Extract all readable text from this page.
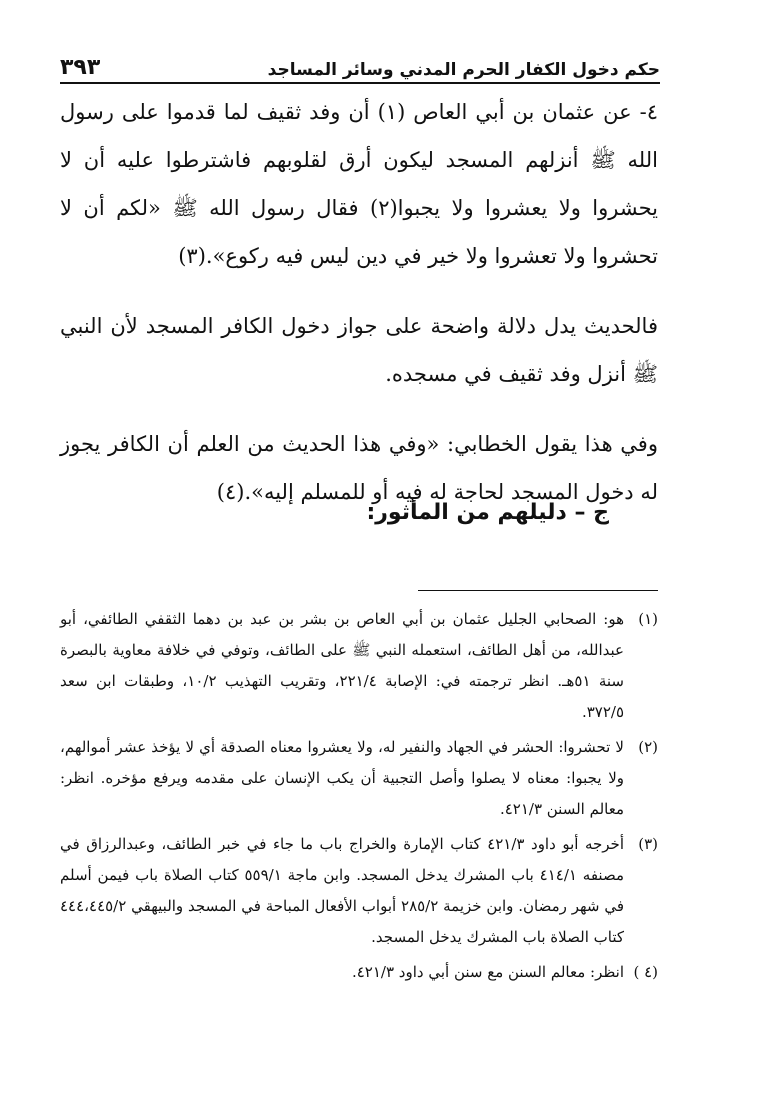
حكم دخول الكفار الحرم المدني وسائر المساجد
٣٩٣

٤- عن عثمان بن أبي العاص (١) أن وفد ثقيف لما قدموا على رسول الله ﷺ أنزلهم المسجد ليكون أرق لقلوبهم فاشترطوا عليه أن لا يحشروا ولا يعشروا ولا يجبوا(٢) فقال رسول الله ﷺ «لكم أن لا تحشروا ولا تعشروا ولا خير في دين ليس فيه ركوع».(٣)

فالحديث يدل دلالة واضحة على جواز دخول الكافر المسجد لأن النبي ﷺ أنزل وفد ثقيف في مسجده.

وفي هذا يقول الخطابي: «وفي هذا الحديث من العلم أن الكافر يجوز له دخول المسجد لحاجة له فيه أو للمسلم إليه».(٤)

ج – دليلهم من المأثور:
(١)
هو: الصحابي الجليل عثمان بن أبي العاص بن بشر بن عبد بن دهما الثقفي الطائفي، أبو عبدالله، من أهل الطائف، استعمله النبي ﷺ على الطائف، وتوفي في خلافة معاوية بالبصرة سنة ٥١هـ. انظر ترجمته في: الإصابة ٢٢١/٤، وتقريب التهذيب ١٠/٢، وطبقات ابن سعد ٣٧٢/٥.
(٢)
لا تحشروا: الحشر في الجهاد والنفير له، ولا يعشروا معناه الصدقة أي لا يؤخذ عشر أموالهم، ولا يجبوا: معناه لا يصلوا وأصل التجبية أن يكب الإنسان على مقدمه ويرفع مؤخره. انظر: معالم السنن ٤٢١/٣.
(٣)
أخرجه أبو داود ٤٢١/٣ كتاب الإمارة والخراج باب ما جاء في خبر الطائف، وعبدالرزاق في مصنفه ٤١٤/١ باب المشرك يدخل المسجد. وابن ماجة ٥٥٩/١ كتاب الصلاة باب فيمن أسلم في شهر رمضان. وابن خزيمة ٢٨٥/٢ أبواب الأفعال المباحة في المسجد والبيهقي ٤٤٤،٤٤٥/٢ كتاب الصلاة باب المشرك يدخل المسجد.
(٤ )
انظر: معالم السنن مع سنن أبي داود ٤٢١/٣.
